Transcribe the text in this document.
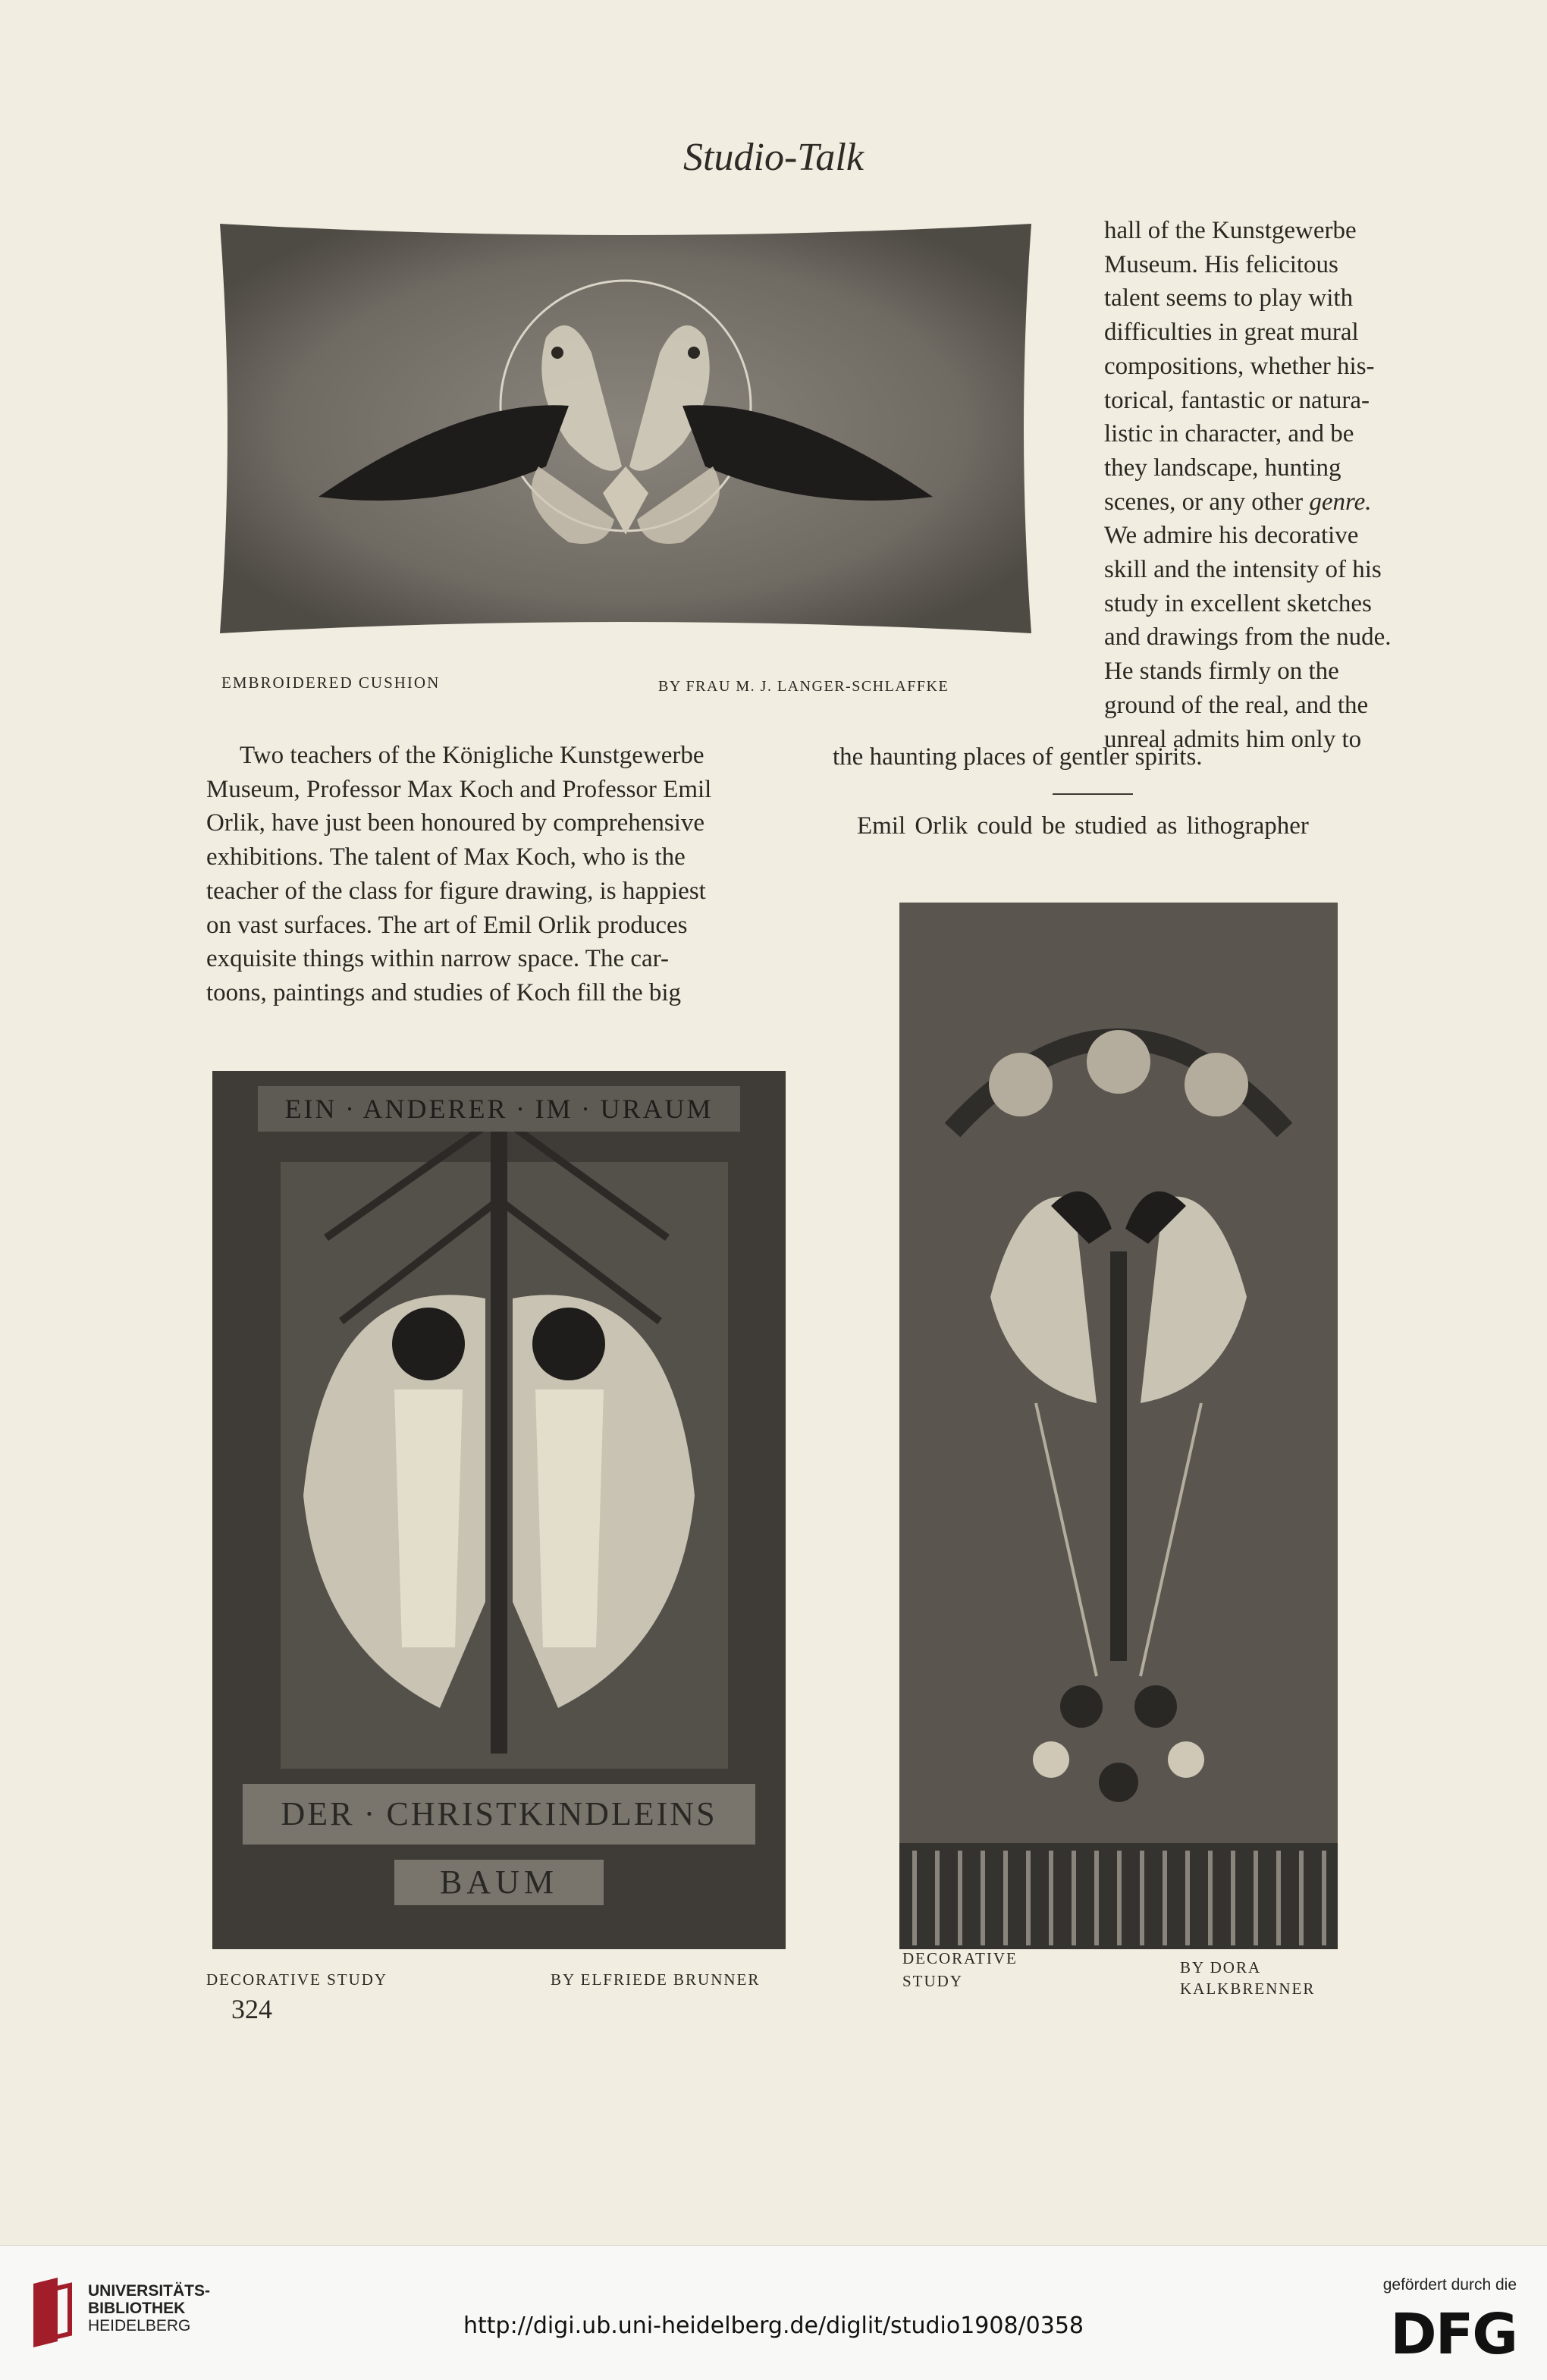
Studio-Talk
EMBROIDERED CUSHION	BY FRAU M. J. LANGER-SCHLAFFKE

hall of the Kunstgewerbe

Museum. His felicitous

talent seems to play with

difficulties in great mural

compositions, whether his-

torical, fantastic or natura-

listic in character, and be

they landscape, hunting

scenes, or any other genre.

We admire his decorative

skill and the intensity of his

study in excellent sketches

and drawings from the nude.

He stands firmly on the

ground of the real, and the

unreal admits him only to

Two teachers of the Königliche Kunstgewerbe

Museum, Professor Max Koch and Professor Emil

Orlik, have just been honoured by comprehensive

exhibitions. The talent of Max Koch, who is the

teacher of the class for figure drawing, is happiest

on vast surfaces. The art of Emil Orlik produces

exquisite things within narrow space. The car-

toons, paintings and studies of Koch fill the big

the haunting places of gentler spirits.
Emil Orlik could be studied as lithographer
EIN ∙ ANDERER ∙ IM ∙ URAUM
DER ∙ CHRISTKINDLEINS
BAUM
DECORATIVE STUDY	BY ELFRIEDE BRUNNER
DECORATIVE
STUDY
BY DORA
KALKBRENNER
324
UNIVERSITÄTS-
BIBLIOTHEK
HEIDELBERG	http://digi.ub.uni-heidelberg.de/diglit/studio1908/0358
gefördert durch die
DFG
